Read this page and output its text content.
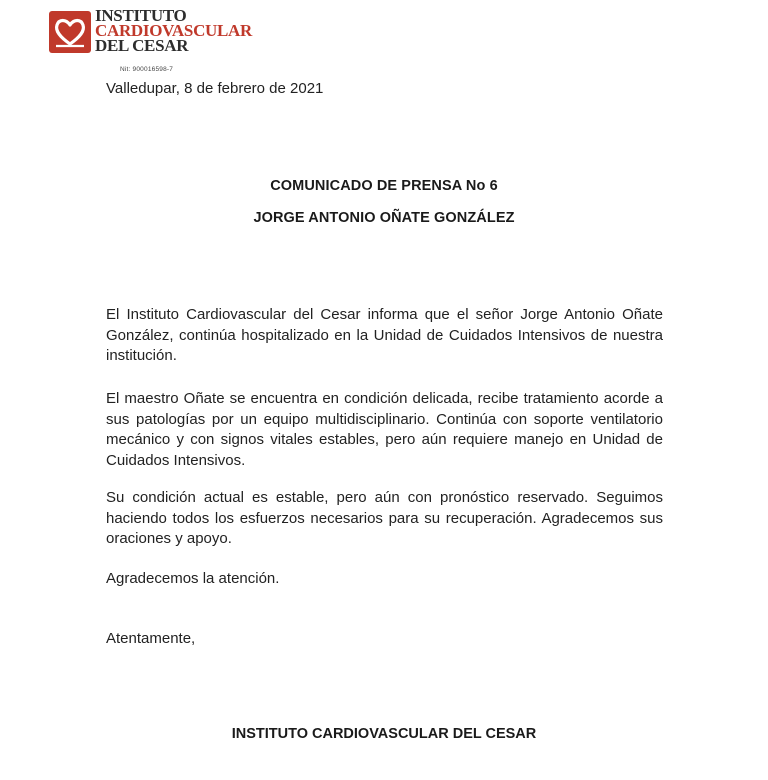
INSTITUTO
CARDIOVASCULAR
DEL CESAR
Nit: 900016598-7
Valledupar, 8 de febrero de 2021
COMUNICADO DE PRENSA No 6
JORGE ANTONIO OÑATE GONZÁLEZ

El Instituto Cardiovascular del Cesar informa que el señor Jorge Antonio Oñate González, continúa hospitalizado en la Unidad de Cuidados Intensivos de nuestra institución.

El maestro Oñate se encuentra en condición delicada, recibe tratamiento acorde a sus patologías por un equipo multidisciplinario. Continúa con soporte ventilatorio mecánico y con signos vitales estables, pero aún requiere manejo en Unidad de Cuidados Intensivos.

Su condición actual es estable, pero aún con pronóstico reservado. Seguimos haciendo todos los esfuerzos necesarios para su recuperación. Agradecemos sus oraciones y apoyo.

Agradecemos la atención.

Atentamente,
INSTITUTO CARDIOVASCULAR DEL CESAR
